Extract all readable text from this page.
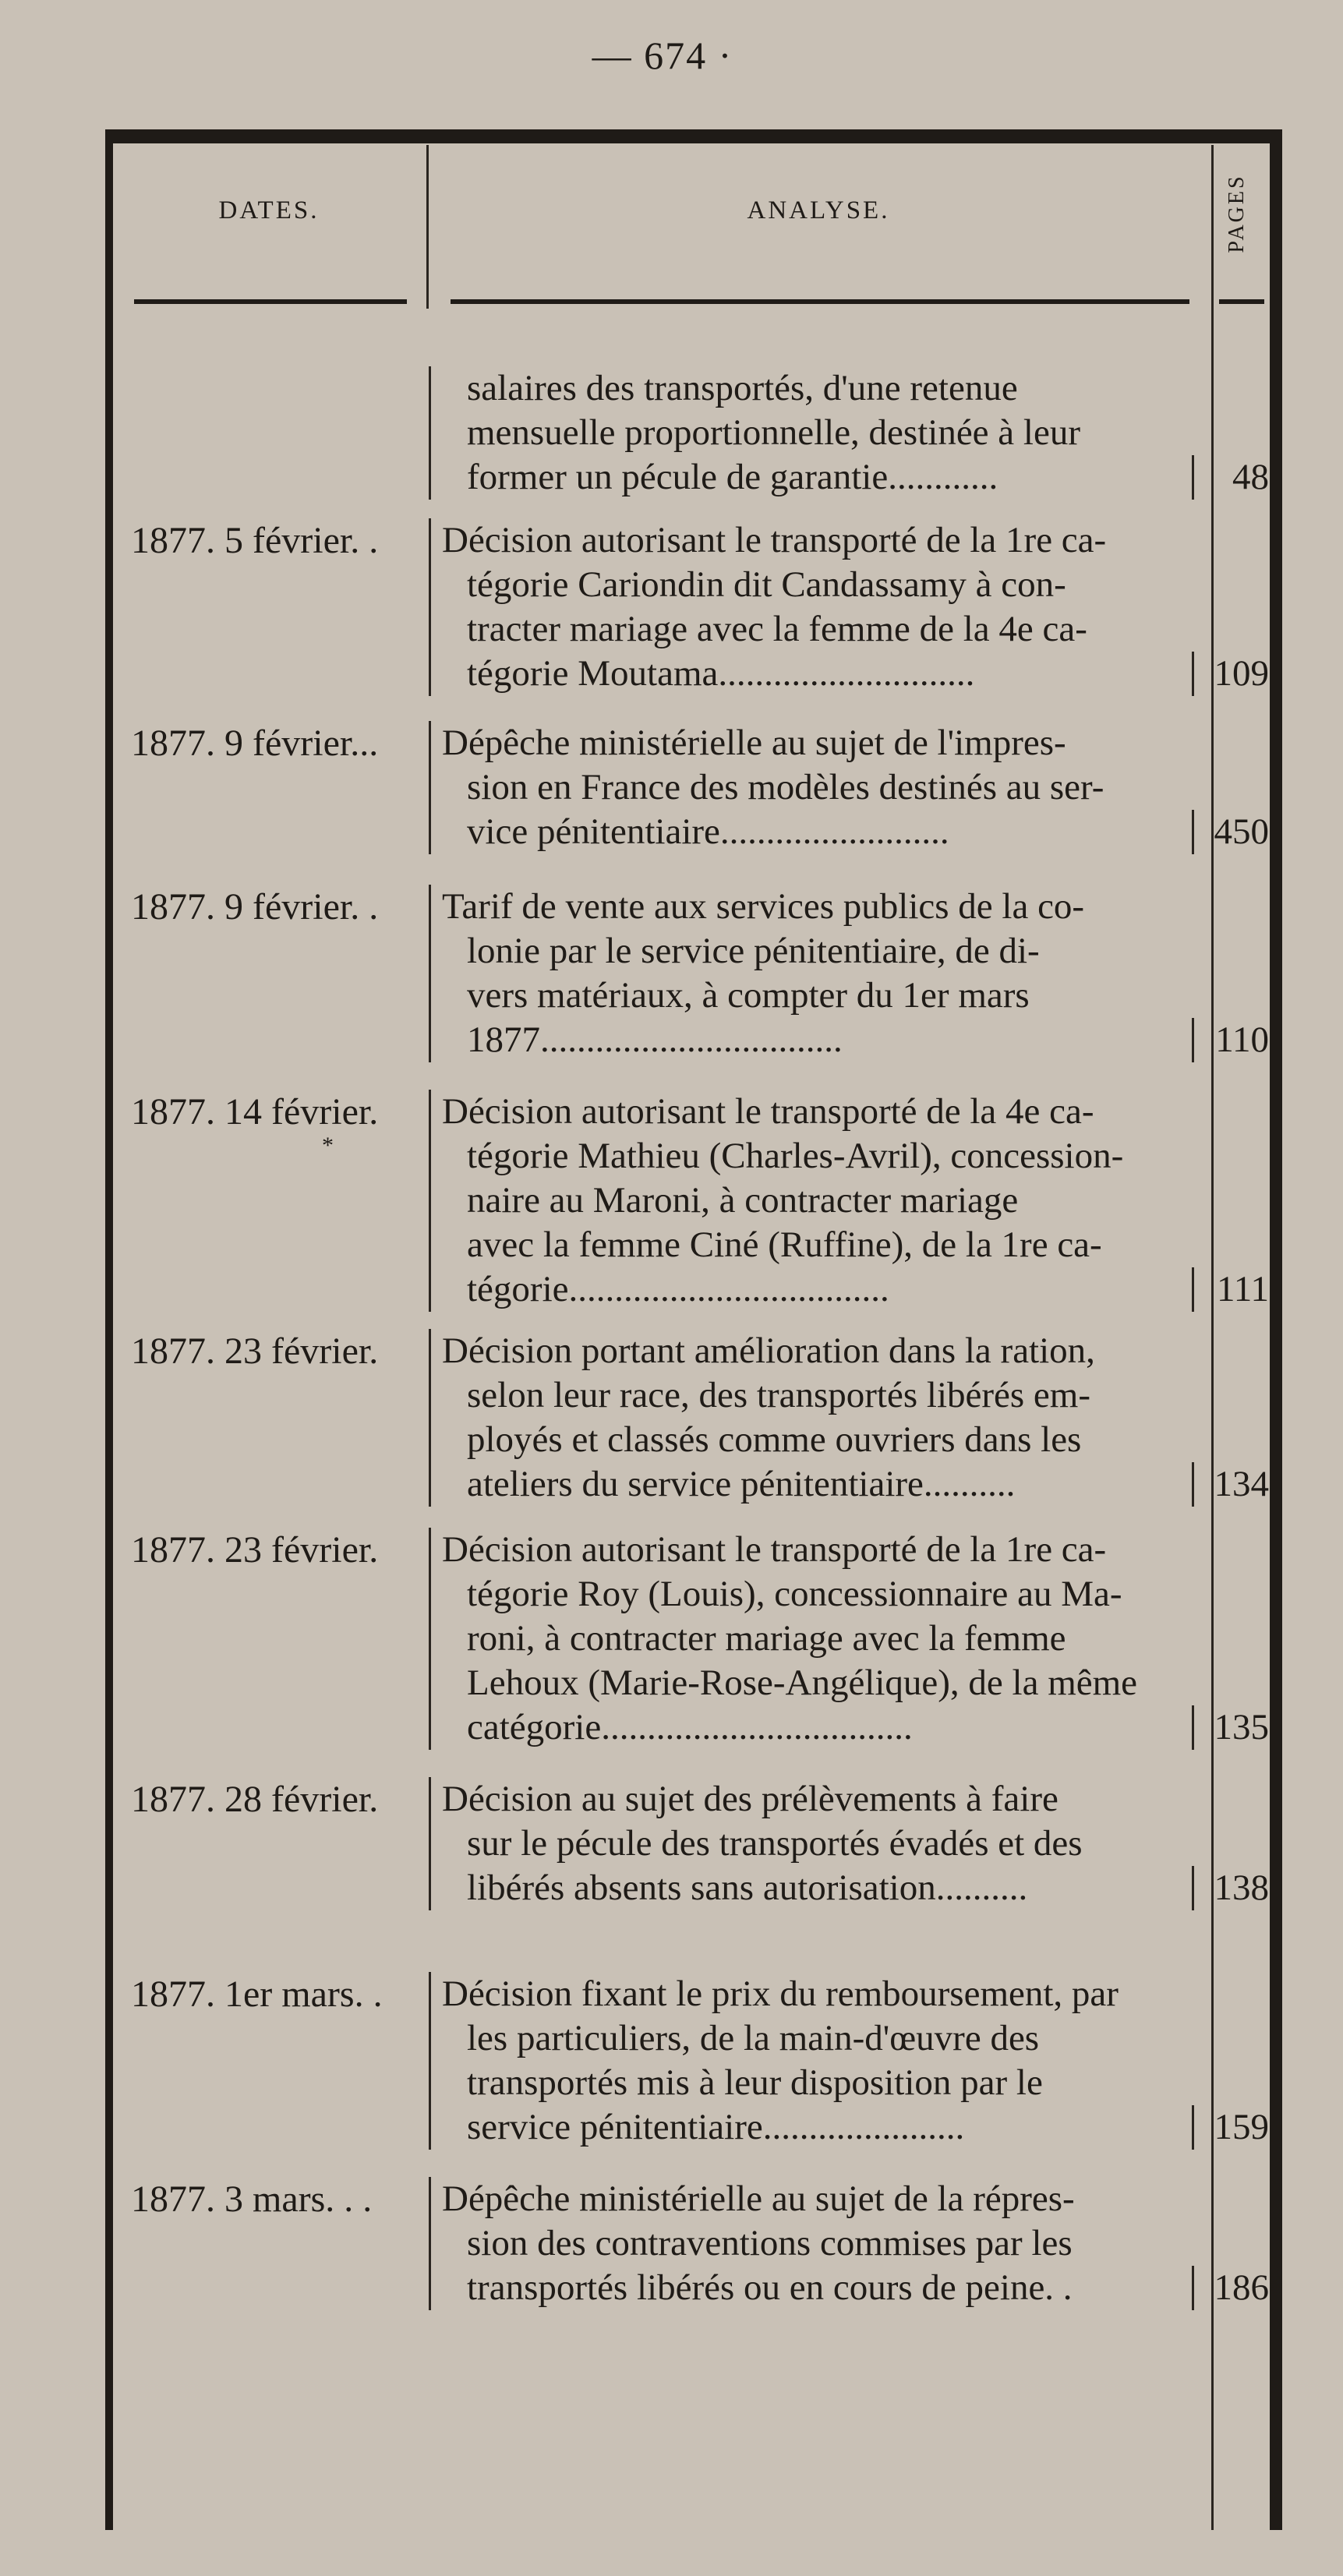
— 674 ·
DATES.	ANALYSE.	PAGES
salaires des transportés, d'une retenue
mensuelle proportionnelle, destinée à leur
former un pécule de garantie............	48
1877. 5 février. .	Décision autorisant le transporté de la 1re ca-
tégorie Cariondin dit Candassamy à con-
tracter mariage avec la femme de la 4e ca-
tégorie Moutama............................	109
1877. 9 février...	Dépêche ministérielle au sujet de l'impres-
sion en France des modèles destinés au ser-
vice pénitentiaire.........................	450
1877. 9 février. .	Tarif de vente aux services publics de la co-
lonie par le service pénitentiaire, de di-
vers matériaux, à compter du 1er mars
1877.................................	110
1877. 14 février.	Décision autorisant le transporté de la 4e ca-
tégorie Mathieu (Charles-Avril), concession-
naire au Maroni, à contracter mariage
avec la femme Ciné (Ruffine), de la 1re ca-
tégorie...................................	111
*
1877. 23 février.	Décision portant amélioration dans la ration,
selon leur race, des transportés libérés em-
ployés et classés comme ouvriers dans les
ateliers du service pénitentiaire..........	134
1877. 23 février.	Décision autorisant le transporté de la 1re ca-
tégorie Roy (Louis), concessionnaire au Ma-
roni, à contracter mariage avec la femme
Lehoux (Marie-Rose-Angélique), de la même
catégorie..................................	135
1877. 28 février.	Décision au sujet des prélèvements à faire
sur le pécule des transportés évadés et des
libérés absents sans autorisation..........	138
1877. 1er mars. .	Décision fixant le prix du remboursement, par
les particuliers, de la main-d'œuvre des
transportés mis à leur disposition par le
service pénitentiaire......................	159
1877. 3 mars. . .	Dépêche ministérielle au sujet de la répres-
sion des contraventions commises par les
transportés libérés ou en cours de peine. .	186
